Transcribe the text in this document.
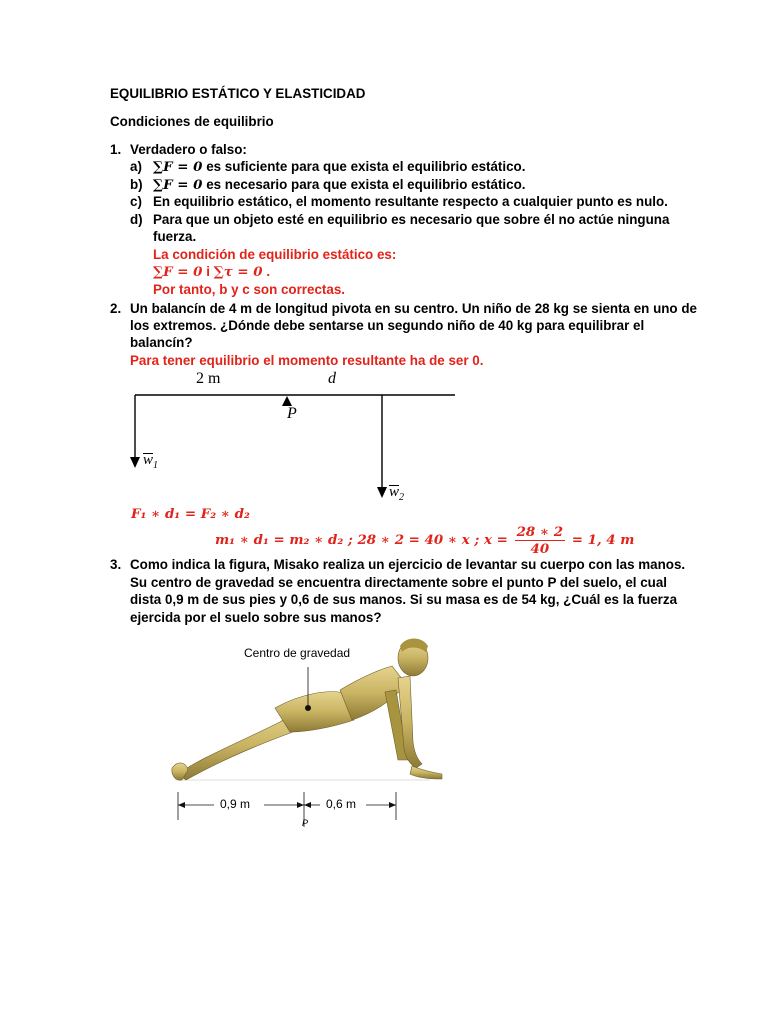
EQUILIBRIO ESTÁTICO Y ELASTICIDAD
Condiciones de equilibrio
1. Verdadero o falso:
a) ∑F = 0 es suficiente para que exista el equilibrio estático.
b) ∑F = 0 es necesario para que exista el equilibrio estático.
c) En equilibrio estático, el momento resultante respecto a cualquier punto es nulo.
d) Para que un objeto esté en equilibrio es necesario que sobre él no actúe ninguna
fuerza.
La condición de equilibrio estático es:
∑F = 0 i ∑τ = 0 .
Por tanto, b y c son correctas.
2. Un balancín de 4 m de longitud pivota en su centro. Un niño de 28 kg se sienta en uno de
los extremos. ¿Dónde debe sentarse un segundo niño de 40 kg para equilibrar el
balancín?
Para tener equilibrio el momento resultante ha de ser 0.
2 m	d
P
$w_1$
$w_2$
F₁ ∗ d₁ = F₂ ∗ d₂
m₁ ∗ d₁ = m₂ ∗ d₂ ; 28 ∗ 2 = 40 ∗ x ; $x = \frac{28 ∗ 2}{40} = 1$, 4 m
3. Como indica la figura, Misako realiza un ejercicio de levantar su cuerpo con las manos.
Su centro de gravedad se encuentra directamente sobre el punto P del suelo, el cual
dista 0,9 m de sus pies y 0,6 de sus manos. Si su masa es de 54 kg, ¿Cuál es la fuerza
ejercida por el suelo sobre sus manos?
Centro de gravedad
0,9 m	0,6 m
P
